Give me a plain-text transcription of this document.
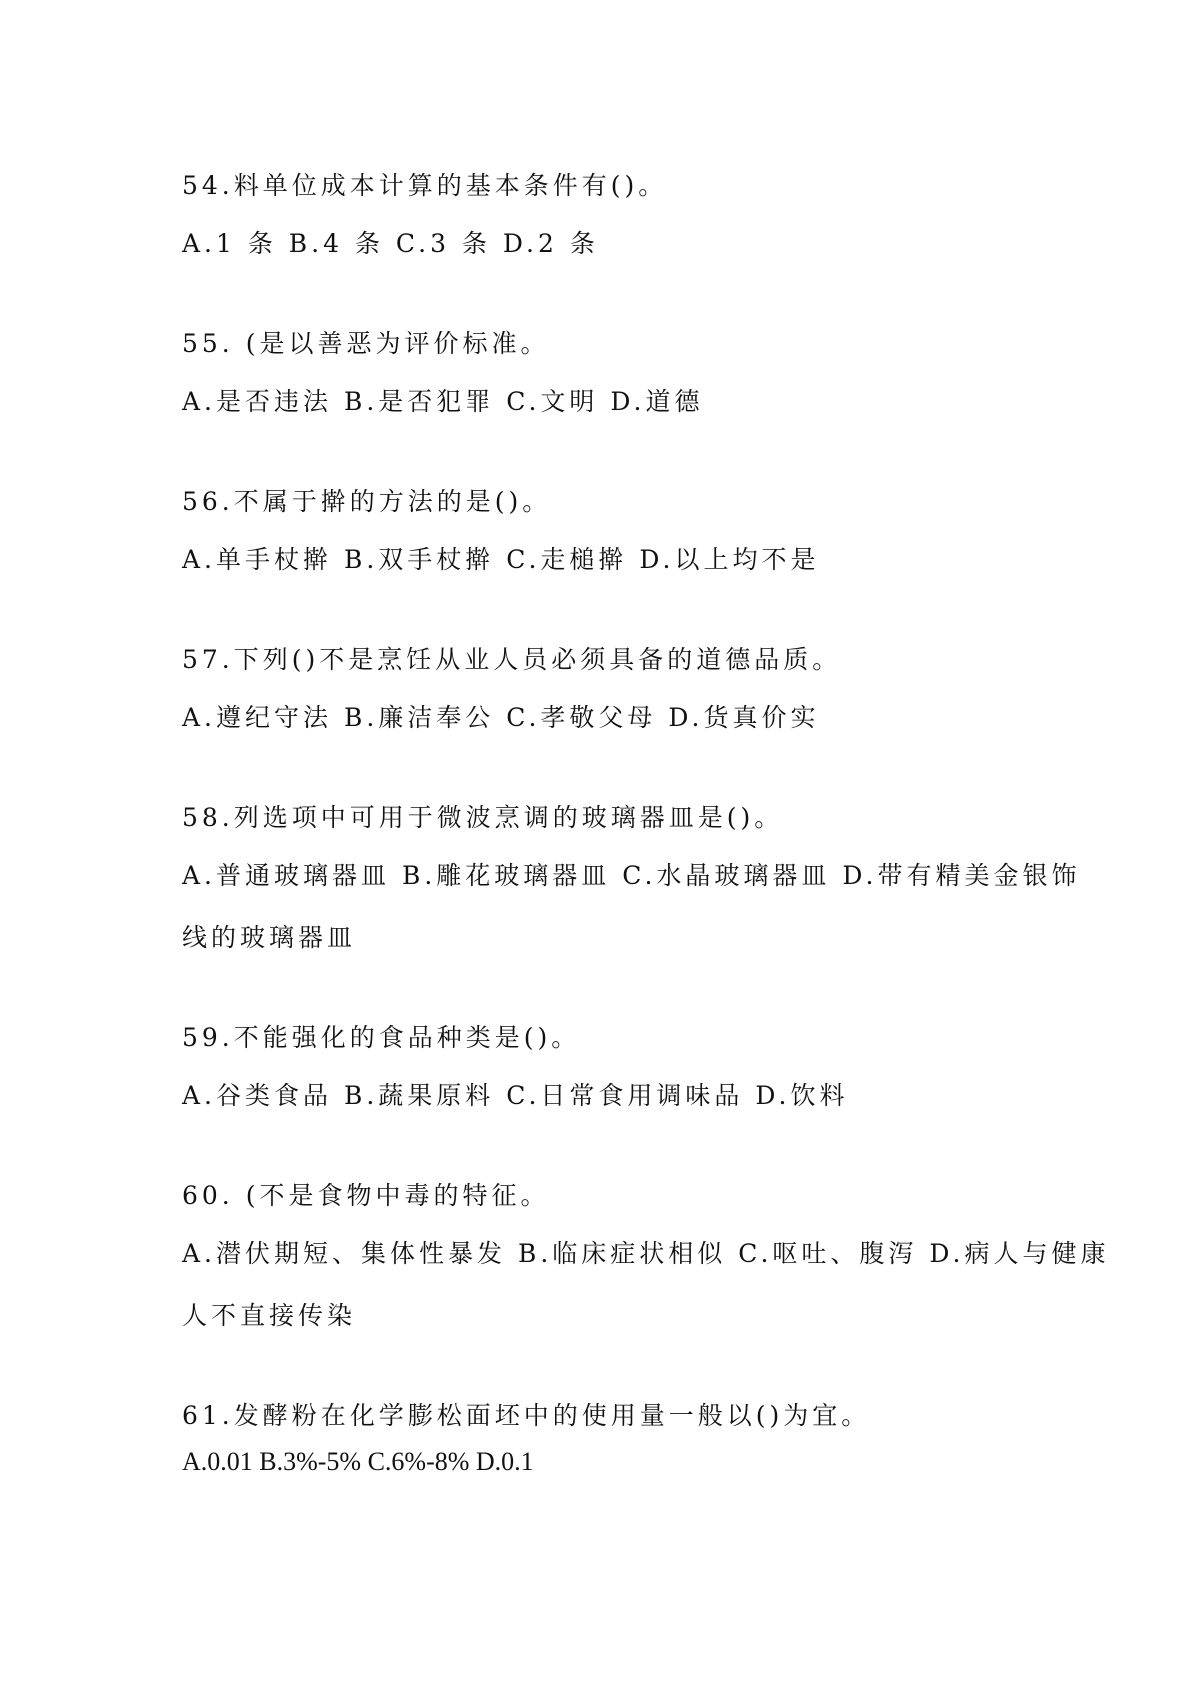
54.料单位成本计算的基本条件有()。
A.1 条 B.4 条 C.3 条 D.2 条
55. (是以善恶为评价标准。
A.是否违法 B.是否犯罪 C.文明 D.道德
56.不属于擀的方法的是()。
A.单手杖擀 B.双手杖擀 C.走槌擀 D.以上均不是
57.下列()不是烹饪从业人员必须具备的道德品质。
A.遵纪守法 B.廉洁奉公 C.孝敬父母 D.货真价实
58.列选项中可用于微波烹调的玻璃器皿是()。
A.普通玻璃器皿 B.雕花玻璃器皿 C.水晶玻璃器皿 D.带有精美金银饰
线的玻璃器皿
59.不能强化的食品种类是()。
A.谷类食品 B.蔬果原料 C.日常食用调味品 D.饮料
60. (不是食物中毒的特征。
A.潜伏期短、集体性暴发 B.临床症状相似 C.呕吐、腹泻 D.病人与健康
人不直接传染
61.发酵粉在化学膨松面坯中的使用量一般以()为宜。
A.0.01 B.3%-5% C.6%-8% D.0.1
